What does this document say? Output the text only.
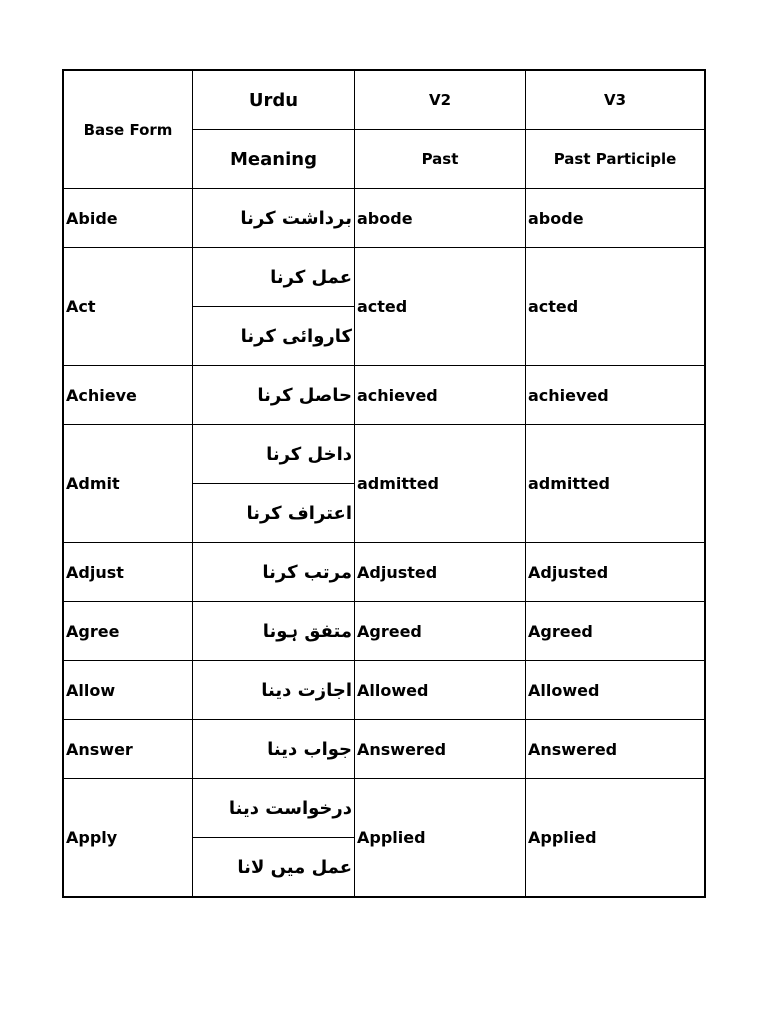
Base Form	Urdu	V2	V3
	Meaning	Past	Past Participle
Abide	برداشت کرنا	abode	abode
Act	عمل کرنا	acted	acted
	کاروائی کرنا		
Achieve	حاصل کرنا	achieved	achieved
Admit	داخل کرنا	admitted	admitted
	اعتراف کرنا		
Adjust	مرتب کرنا	Adjusted	Adjusted
Agree	متفق ہونا	Agreed	Agreed
Allow	اجازت دینا	Allowed	Allowed
Answer	جواب دینا	Answered	Answered
Apply	درخواست دینا	Applied	Applied
	عمل میں لانا		
